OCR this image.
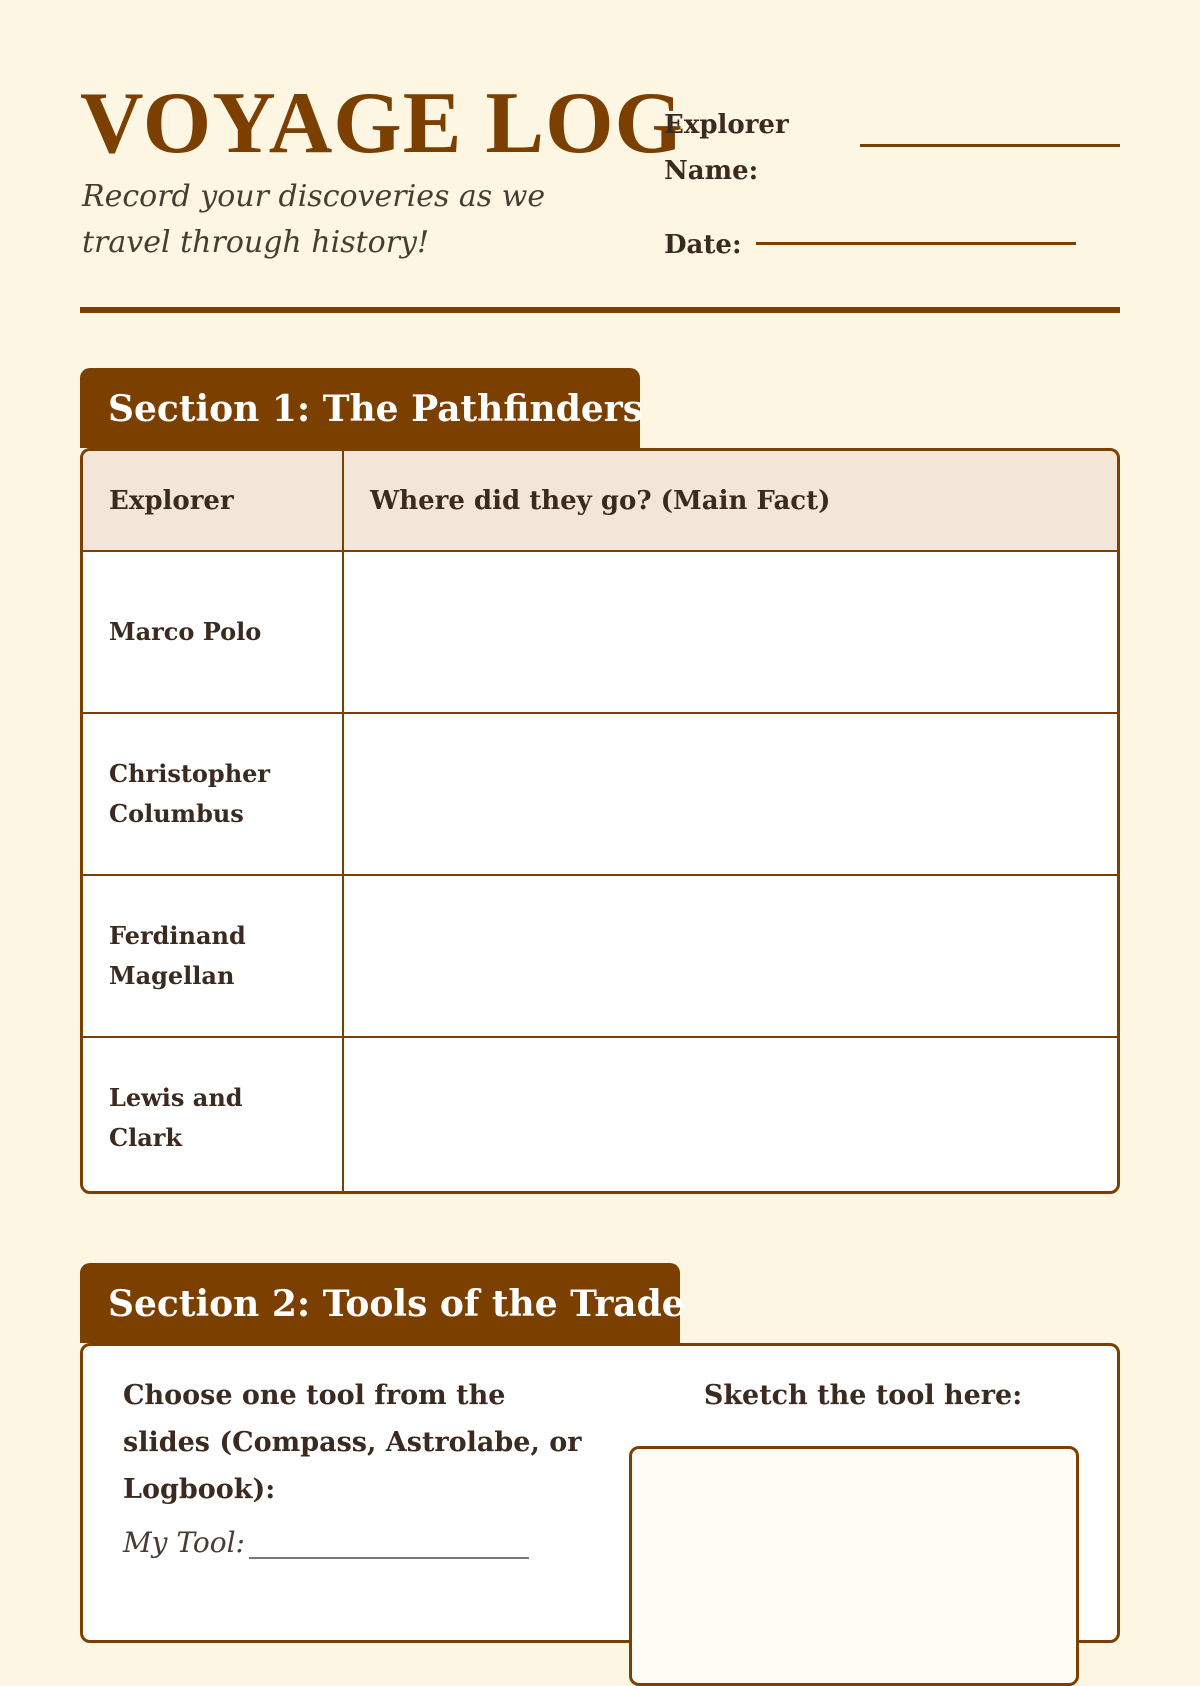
VOYAGE LOG
Record your discoveries as we travel through history!
Explorer Name:
Date:
Section 1: The Pathfinders
Explorer	Where did they go? (Main Fact)
Marco Polo	

Christopher Columbus	

Ferdinand Magellan	

Lewis and Clark	
Section 2: Tools of the Trade
Choose one tool from the slides (Compass, Astrolabe, or Logbook):
My Tool:
Sketch the tool here:
